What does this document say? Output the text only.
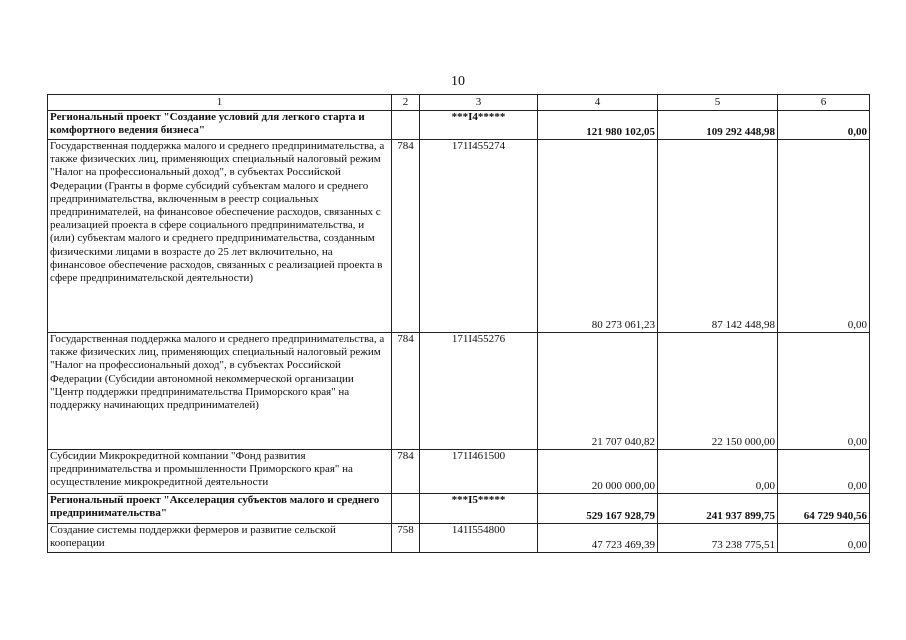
10
1	2	3	4	5	6
Региональный проект "Создание условий для легкого старта и комфортного ведения бизнеса"		***I4*****	121 980 102,05	109 292 448,98	0,00
Государственная поддержка малого и среднего предпринимательства, а также физических лиц, применяющих специальный налоговый режим "Налог на профессиональный доход", в субъектах Российской Федерации (Гранты в форме субсидий субъектам малого и среднего предпринимательства, включенным в реестр социальных предпринимателей, на финансовое обеспечение расходов, связанных с реализацией проекта в сфере социального предпринимательства, и (или) субъектам малого и среднего предпринимательства, созданным физическими лицами в возрасте до 25 лет включительно, на финансовое обеспечение расходов, связанных с реализацией проекта в сфере предпринимательской деятельности)	784	171I455274	80 273 061,23	87 142 448,98	0,00
Государственная поддержка малого и среднего предпринимательства, а также физических лиц, применяющих специальный налоговый режим "Налог на профессиональный доход", в субъектах Российской Федерации (Субсидии автономной некоммерческой организации "Центр поддержки предпринимательства Приморского края" на поддержку начинающих предпринимателей)	784	171I455276	21 707 040,82	22 150 000,00	0,00
Субсидии Микрокредитной компании "Фонд развития предпринимательства и промышленности Приморского края" на осуществление микрокредитной деятельности	784	171I461500	20 000 000,00	0,00	0,00
Региональный проект "Акселерация субъектов малого и среднего предпринимательства"		***I5*****	529 167 928,79	241 937 899,75	64 729 940,56
Создание системы поддержки фермеров и развитие сельской кооперации	758	141I554800	47 723 469,39	73 238 775,51	0,00
